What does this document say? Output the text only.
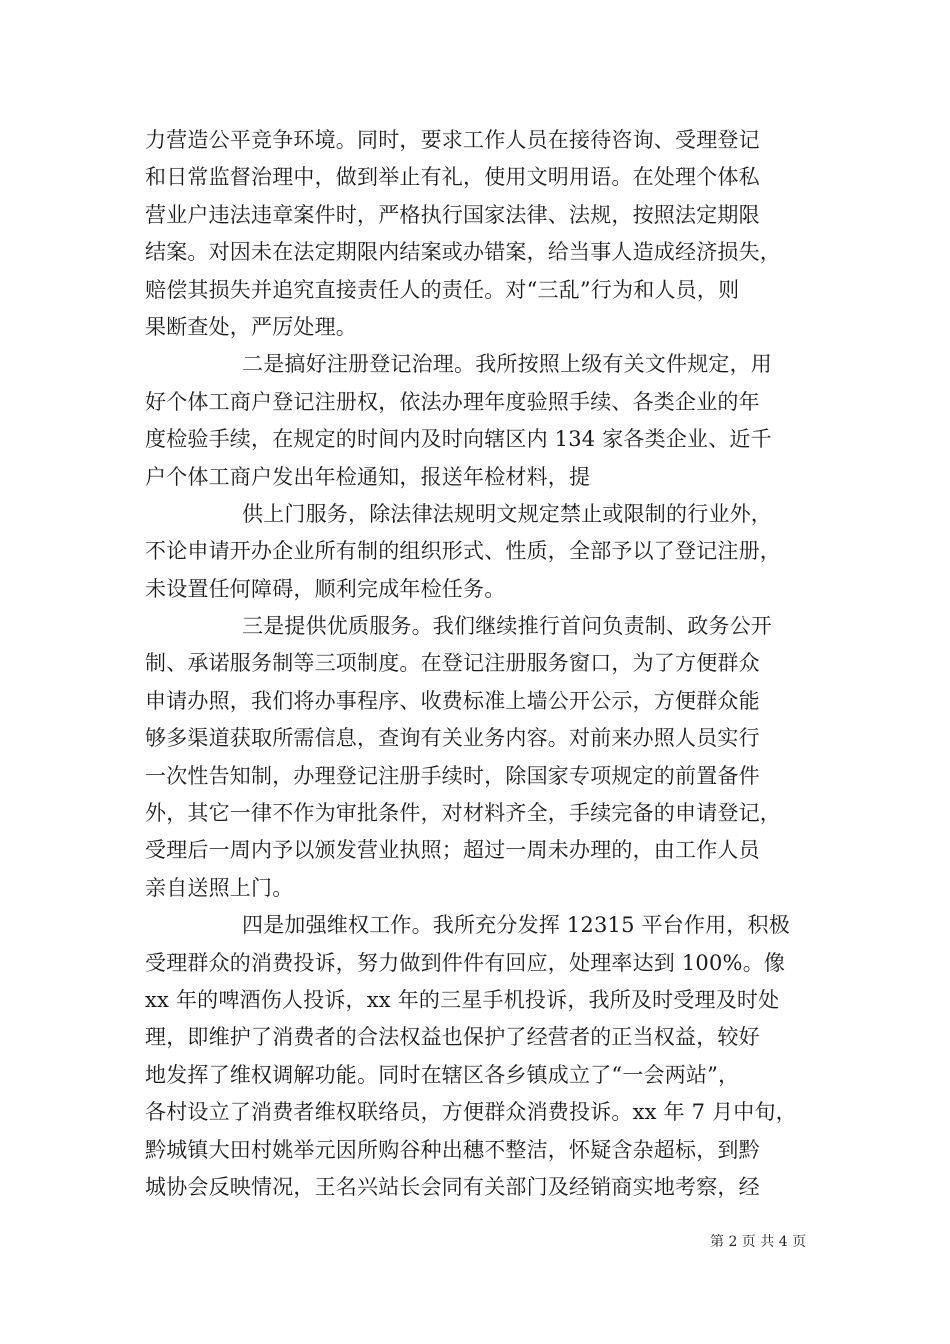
力营造公平竞争环境。同时，要求工作人员在接待咨询、受理登记
和日常监督治理中，做到举止有礼，使用文明用语。在处理个体私
营业户违法违章案件时，严格执行国家法律、法规，按照法定期限
结案。对因未在法定期限内结案或办错案，给当事人造成经济损失，
赔偿其损失并追究直接责任人的责任。对“三乱”行为和人员，则
果断查处，严厉处理。
二是搞好注册登记治理。我所按照上级有关文件规定，用
好个体工商户登记注册权，依法办理年度验照手续、各类企业的年
度检验手续，在规定的时间内及时向辖区内 134 家各类企业、近千
户个体工商户发出年检通知，报送年检材料，提
供上门服务，除法律法规明文规定禁止或限制的行业外，
不论申请开办企业所有制的组织形式、性质，全部予以了登记注册，
未设置任何障碍，顺利完成年检任务。
三是提供优质服务。我们继续推行首问负责制、政务公开
制、承诺服务制等三项制度。在登记注册服务窗口，为了方便群众
申请办照，我们将办事程序、收费标准上墙公开公示，方便群众能
够多渠道获取所需信息，查询有关业务内容。对前来办照人员实行
一次性告知制，办理登记注册手续时，除国家专项规定的前置备件
外，其它一律不作为审批条件，对材料齐全，手续完备的申请登记，
受理后一周内予以颁发营业执照；超过一周未办理的，由工作人员
亲自送照上门。
四是加强维权工作。我所充分发挥 12315 平台作用，积极
受理群众的消费投诉，努力做到件件有回应，处理率达到 100%。像
xx 年的啤酒伤人投诉，xx 年的三星手机投诉，我所及时受理及时处
理，即维护了消费者的合法权益也保护了经营者的正当权益，较好
地发挥了维权调解功能。同时在辖区各乡镇成立了“一会两站”，
各村设立了消费者维权联络员，方便群众消费投诉。xx 年 7 月中旬，
黔城镇大田村姚举元因所购谷种出穗不整洁，怀疑含杂超标，到黔
城协会反映情况，王名兴站长会同有关部门及经销商实地考察，经
第 2 页 共 4 页
